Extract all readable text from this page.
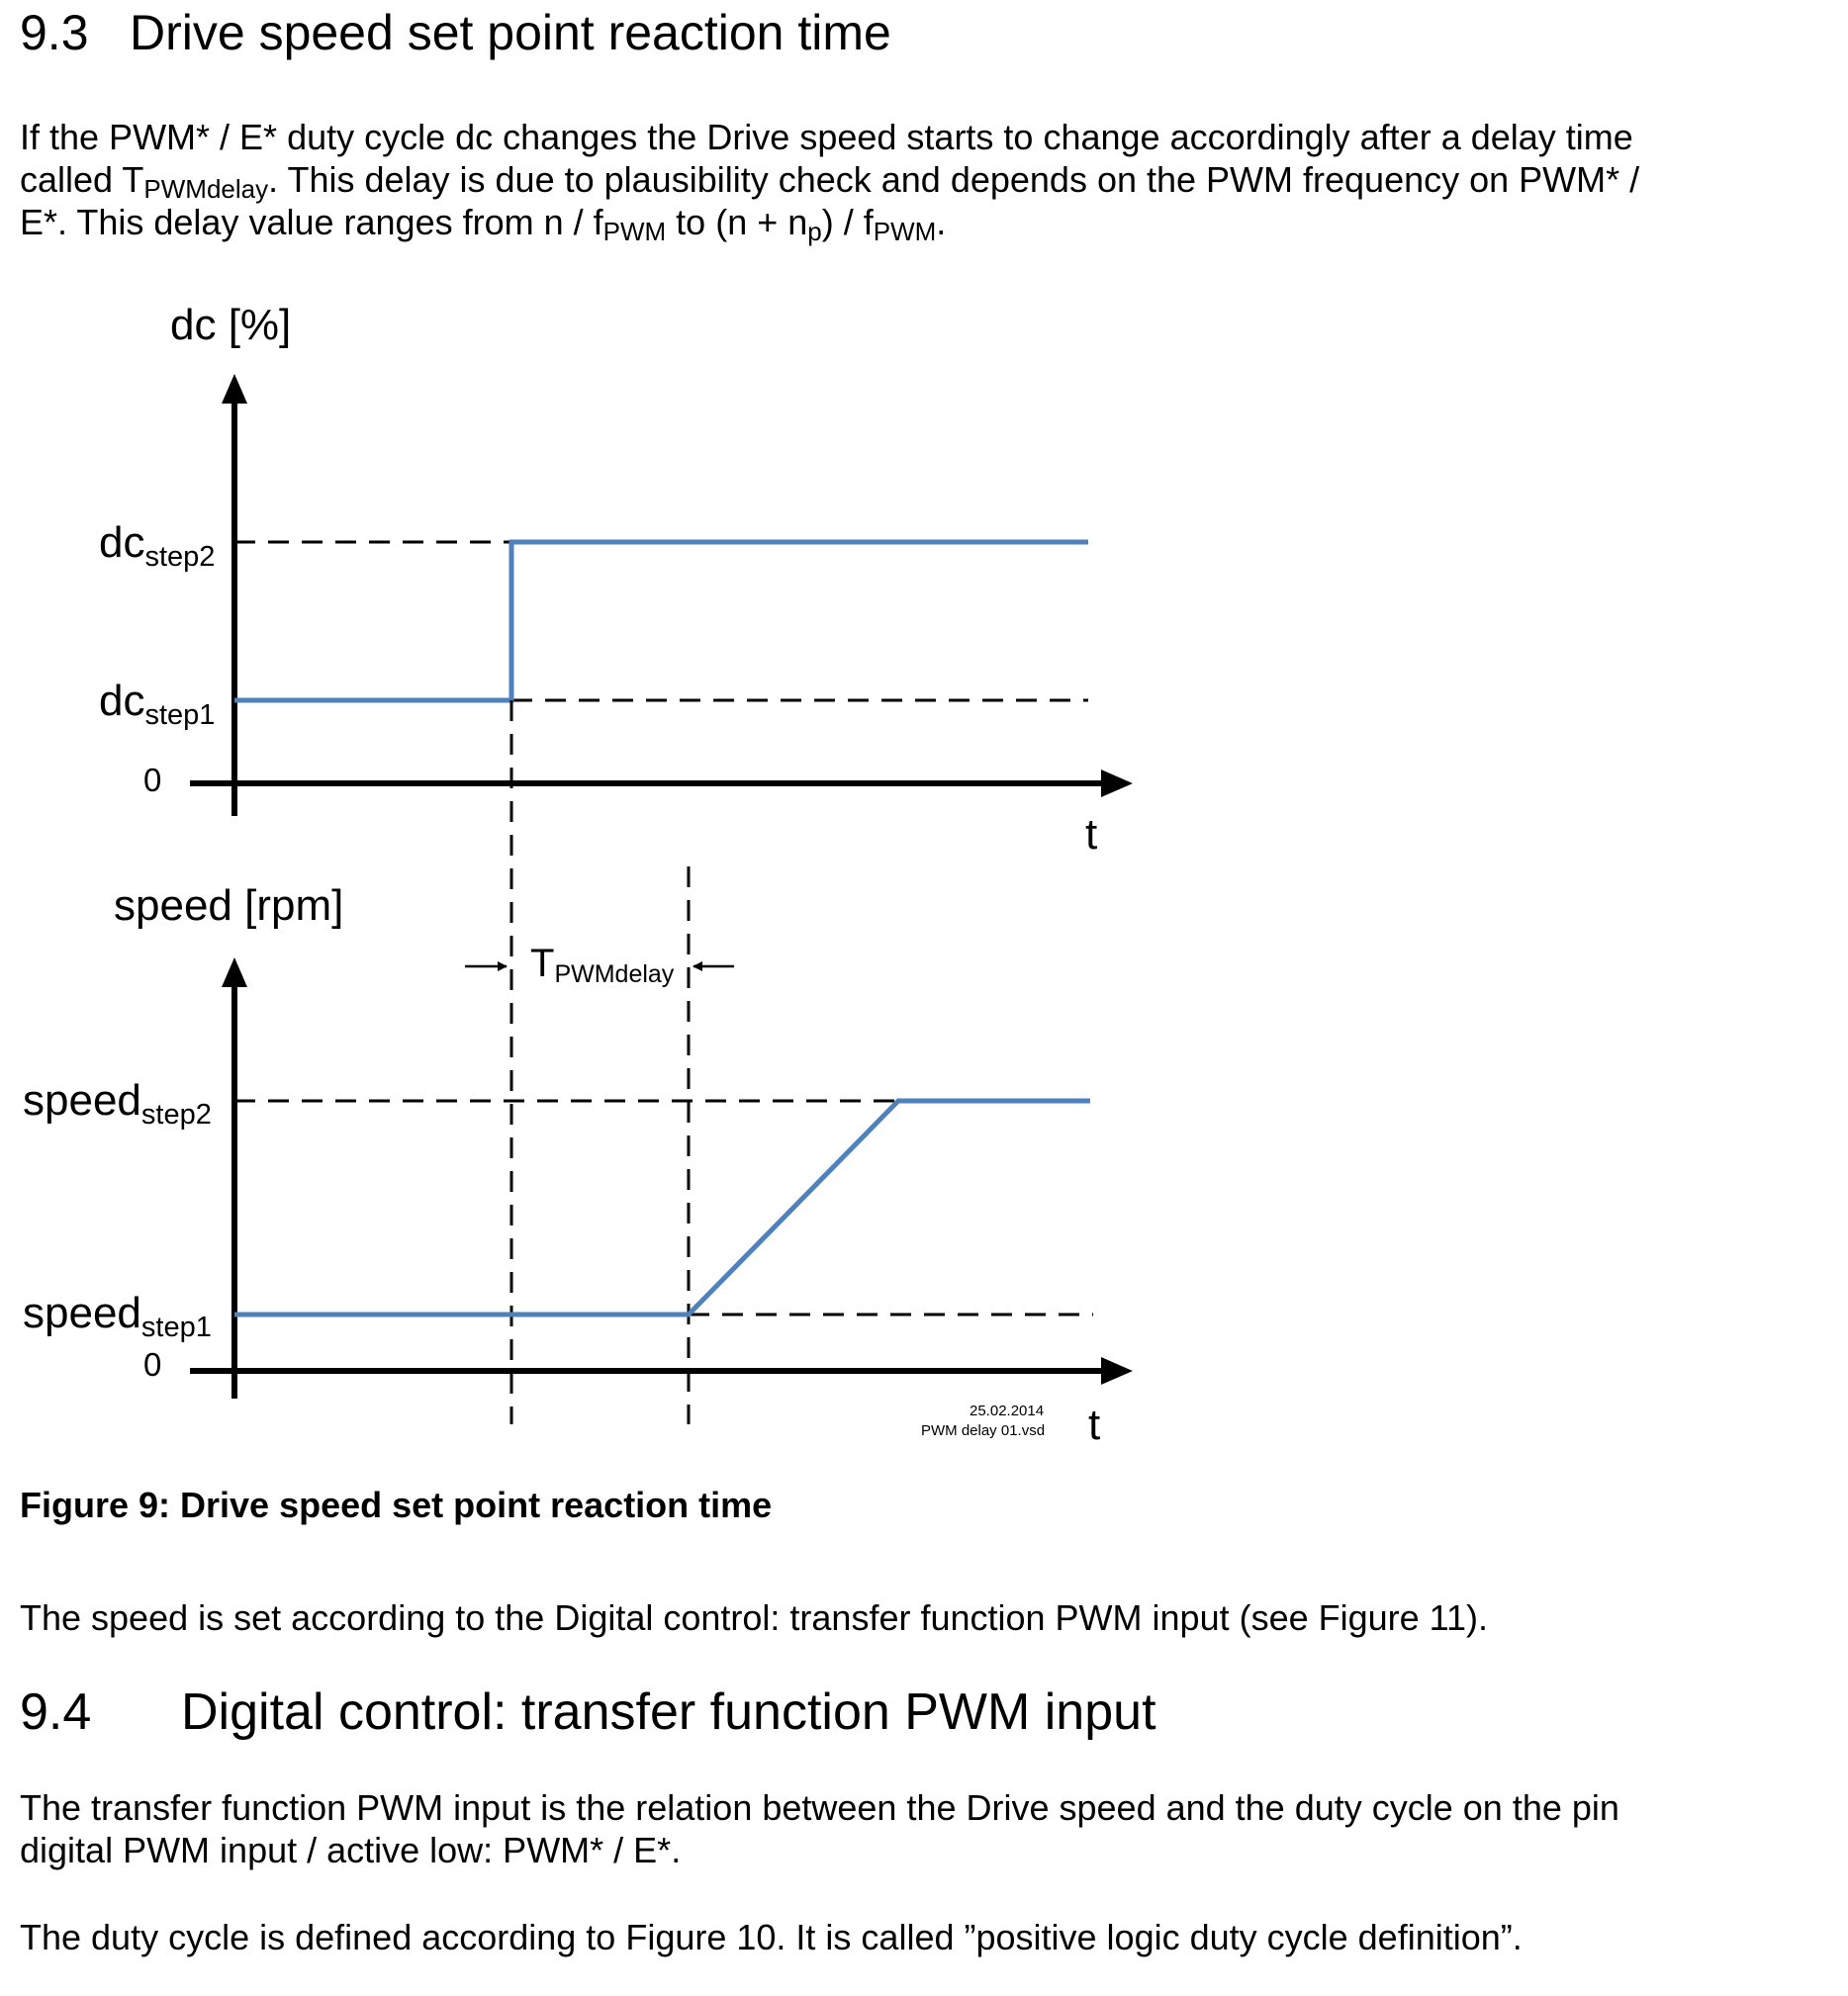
9.3 Drive speed set point reaction time
If the PWM* / E* duty cycle dc changes the Drive speed starts to change accordingly after a delay time
called $T_{PWMdelay}$. This delay is due to plausibility check and depends on the PWM frequency on PWM* /
E*. This delay value ranges from n / $f_{PWM}$ to $(n + n_p) / f_{PWM}$.
dc [%]
$dc_{step2}$
$dc_{step1}$
0
t
TPWMdelay
speed [rpm]
speed$_{step2}$
speed$_{step1}$
0
t
25.02.2014
PWM delay 01.vsd
Figure 9: Drive speed set point reaction time
The speed is set according to the Digital control: transfer function PWM input (see Figure 11).
9.4 Digital control: transfer function PWM input
The transfer function PWM input is the relation between the Drive speed and the duty cycle on the pin
digital PWM input / active low: PWM* / E*.
The duty cycle is defined according to Figure 10. It is called ”positive logic duty cycle definition”.
